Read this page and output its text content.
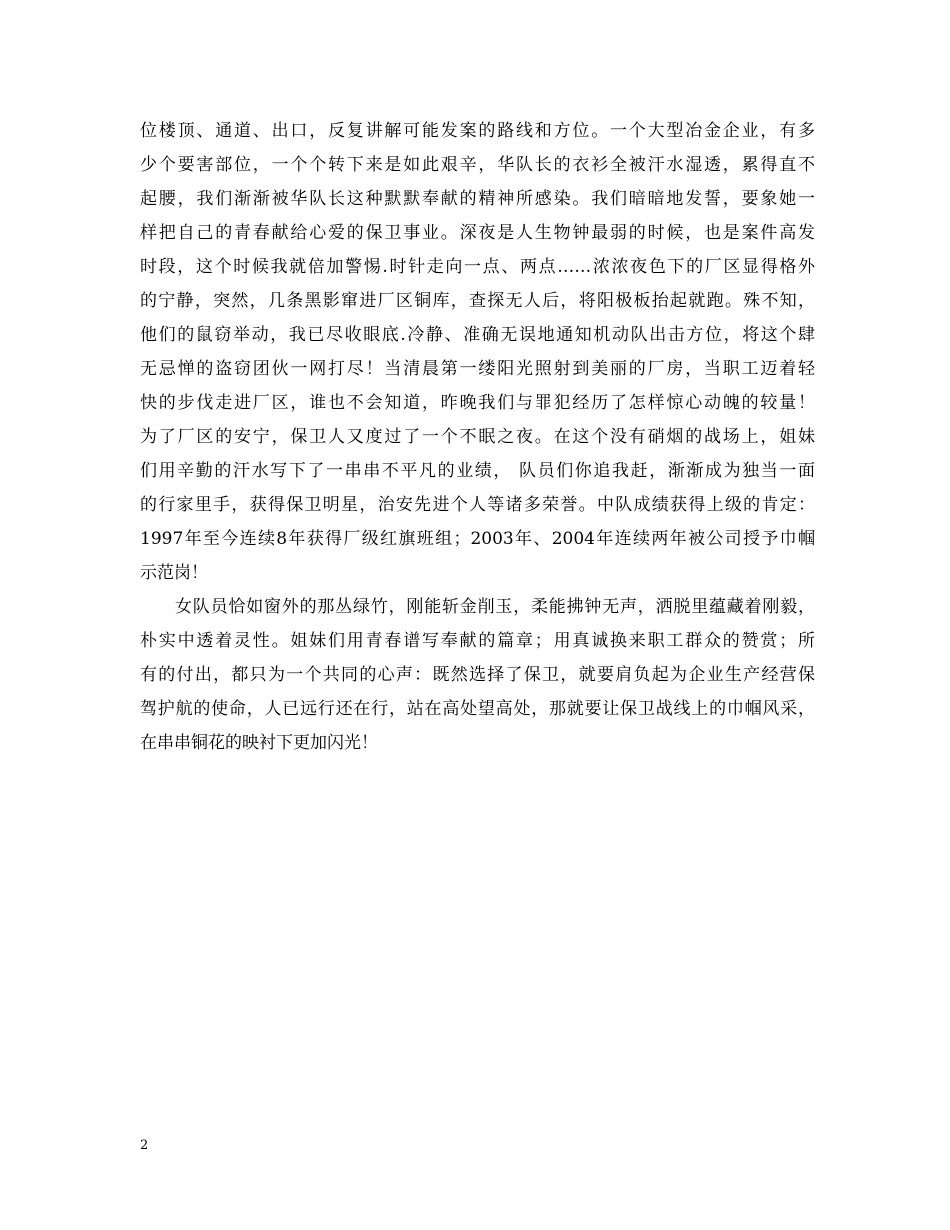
位楼顶、通道、出口，反复讲解可能发案的路线和方位。一个大型冶金企业，有多
少个要害部位，一个个转下来是如此艰辛，华队长的衣衫全被汗水湿透，累得直不
起腰，我们渐渐被华队长这种默默奉献的精神所感染。我们暗暗地发誓，要象她一
样把自己的青春献给心爱的保卫事业。深夜是人生物钟最弱的时候，也是案件高发
时段，这个时候我就倍加警惕.时针走向一点、两点……浓浓夜色下的厂区显得格外
的宁静，突然，几条黑影窜进厂区铜库，查探无人后，将阳极板抬起就跑。殊不知，
他们的鼠窃举动，我已尽收眼底.冷静、准确无误地通知机动队出击方位，将这个肆
无忌惮的盗窃团伙一网打尽！当清晨第一缕阳光照射到美丽的厂房，当职工迈着轻
快的步伐走进厂区，谁也不会知道，昨晚我们与罪犯经历了怎样惊心动魄的较量！
为了厂区的安宁，保卫人又度过了一个不眠之夜。在这个没有硝烟的战场上，姐妹
们用辛勤的汗水写下了一串串不平凡的业绩， 队员们你追我赶，渐渐成为独当一面
的行家里手，获得保卫明星，治安先进个人等诸多荣誉。中队成绩获得上级的肯定：
1997年至今连续8年获得厂级红旗班组；2003年、2004年连续两年被公司授予巾帼
示范岗！
女队员恰如窗外的那丛绿竹，刚能斩金削玉，柔能拂钟无声，洒脱里蕴藏着刚毅，
朴实中透着灵性。姐妹们用青春谱写奉献的篇章；用真诚换来职工群众的赞赏；所
有的付出，都只为一个共同的心声：既然选择了保卫，就要肩负起为企业生产经营保
驾护航的使命，人已远行还在行，站在高处望高处，那就要让保卫战线上的巾帼风采，
在串串铜花的映衬下更加闪光！
2
